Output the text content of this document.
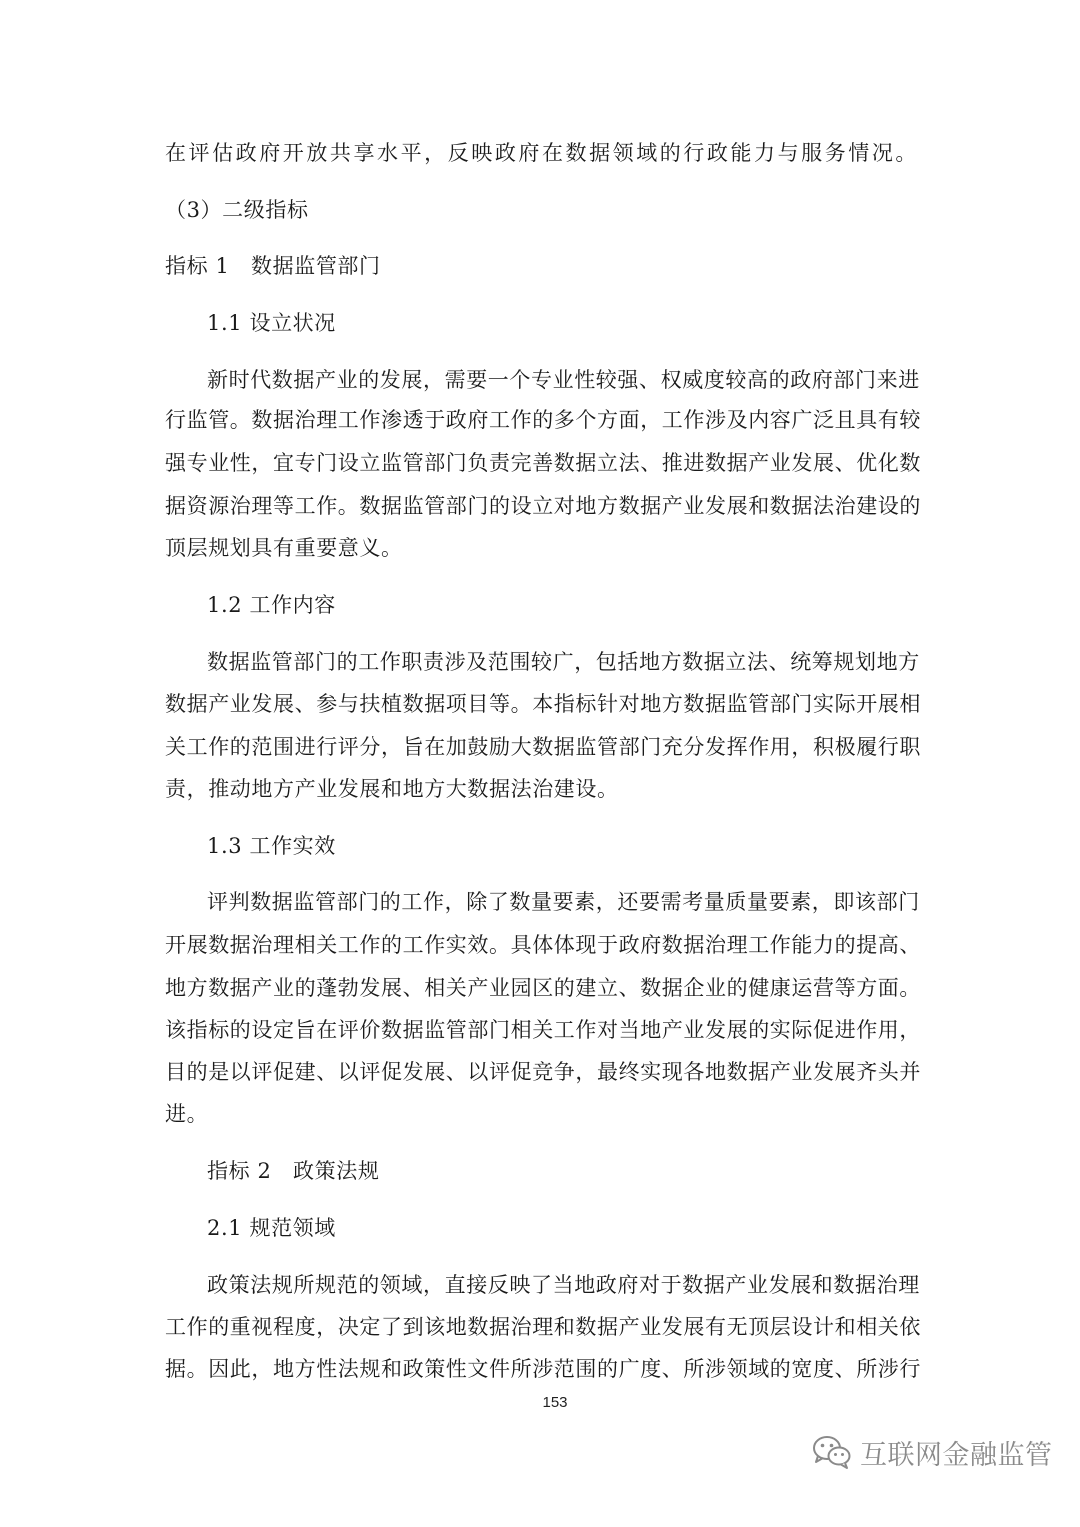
在评估政府开放共享水平，反映政府在数据领域的行政能力与服务情况。
（3）二级指标
指标 1　数据监管部门
1.1 设立状况
新时代数据产业的发展，需要一个专业性较强、权威度较高的政府部门来进
行监管。数据治理工作渗透于政府工作的多个方面，工作涉及内容广泛且具有较
强专业性，宜专门设立监管部门负责完善数据立法、推进数据产业发展、优化数
据资源治理等工作。数据监管部门的设立对地方数据产业发展和数据法治建设的
顶层规划具有重要意义。
1.2 工作内容
数据监管部门的工作职责涉及范围较广，包括地方数据立法、统筹规划地方
数据产业发展、参与扶植数据项目等。本指标针对地方数据监管部门实际开展相
关工作的范围进行评分，旨在加鼓励大数据监管部门充分发挥作用，积极履行职
责，推动地方产业发展和地方大数据法治建设。
1.3 工作实效
评判数据监管部门的工作，除了数量要素，还要需考量质量要素，即该部门
开展数据治理相关工作的工作实效。具体体现于政府数据治理工作能力的提高、
地方数据产业的蓬勃发展、相关产业园区的建立、数据企业的健康运营等方面。
该指标的设定旨在评价数据监管部门相关工作对当地产业发展的实际促进作用，
目的是以评促建、以评促发展、以评促竞争，最终实现各地数据产业发展齐头并
进。
指标 2　政策法规
2.1 规范领域
政策法规所规范的领域，直接反映了当地政府对于数据产业发展和数据治理
工作的重视程度，决定了到该地数据治理和数据产业发展有无顶层设计和相关依
据。因此，地方性法规和政策性文件所涉范围的广度、所涉领域的宽度、所涉行
153
互联网金融监管
